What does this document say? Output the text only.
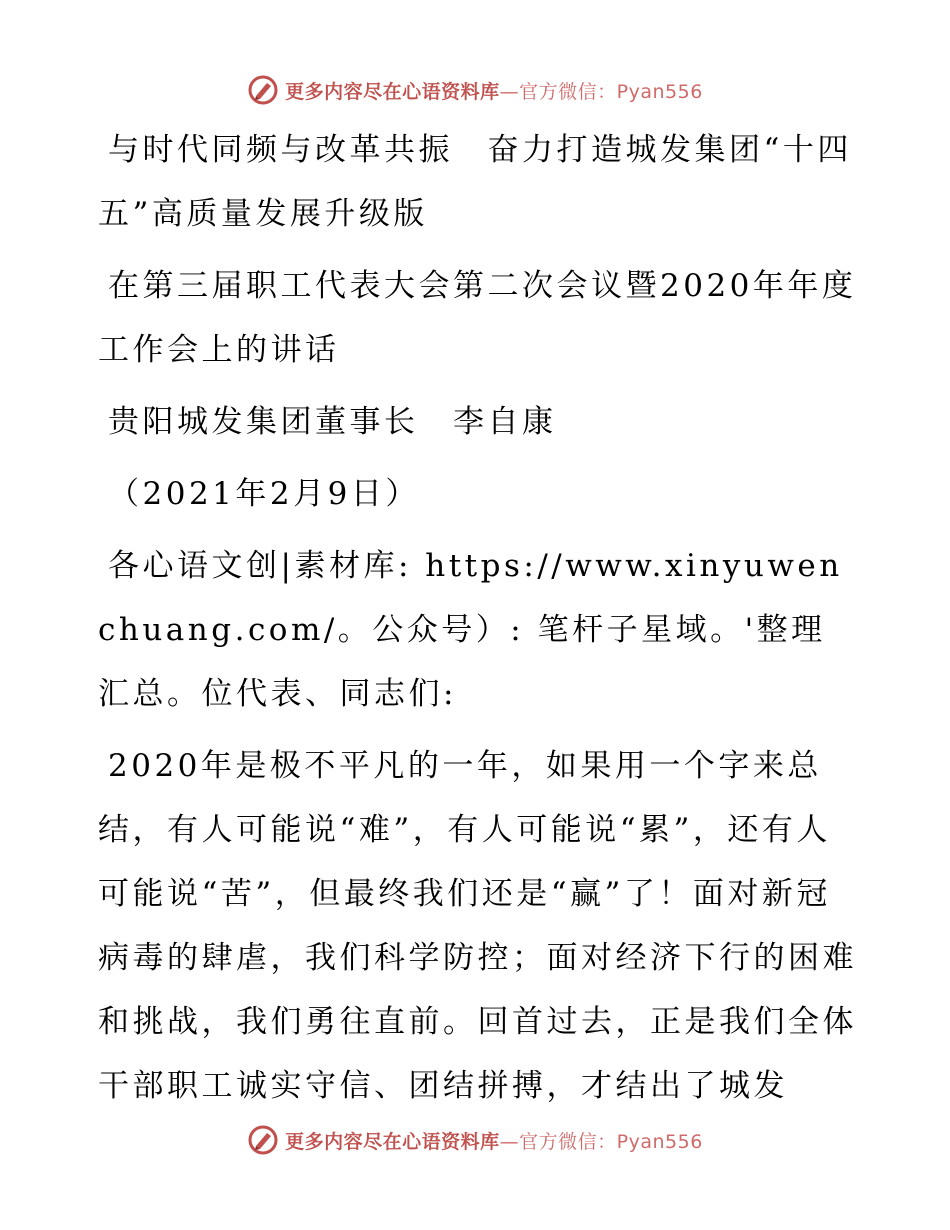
更多内容尽在心语资料库—官方微信：Pyan556

与时代同频与改革共振　奋力打造城发集团“十四五”高质量发展升级版

在第三届职工代表大会第二次会议暨2020年年度工作会上的讲话

贵阳城发集团董事长　李自康

（2021年2月9日）

各心语文创|素材库: https://www.xinyuwenchuang.com/。公众号）: 笔杆子星域。'整理汇总。位代表、同志们:

2020年是极不平凡的一年，如果用一个字来总结，有人可能说“难”，有人可能说“累”，还有人可能说“苦”，但最终我们还是“赢”了！面对新冠病毒的肆虐，我们科学防控；面对经济下行的困难和挑战，我们勇往直前。回首过去，正是我们全体干部职工诚实守信、团结拼搏，才结出了城发

更多内容尽在心语资料库—官方微信：Pyan556
